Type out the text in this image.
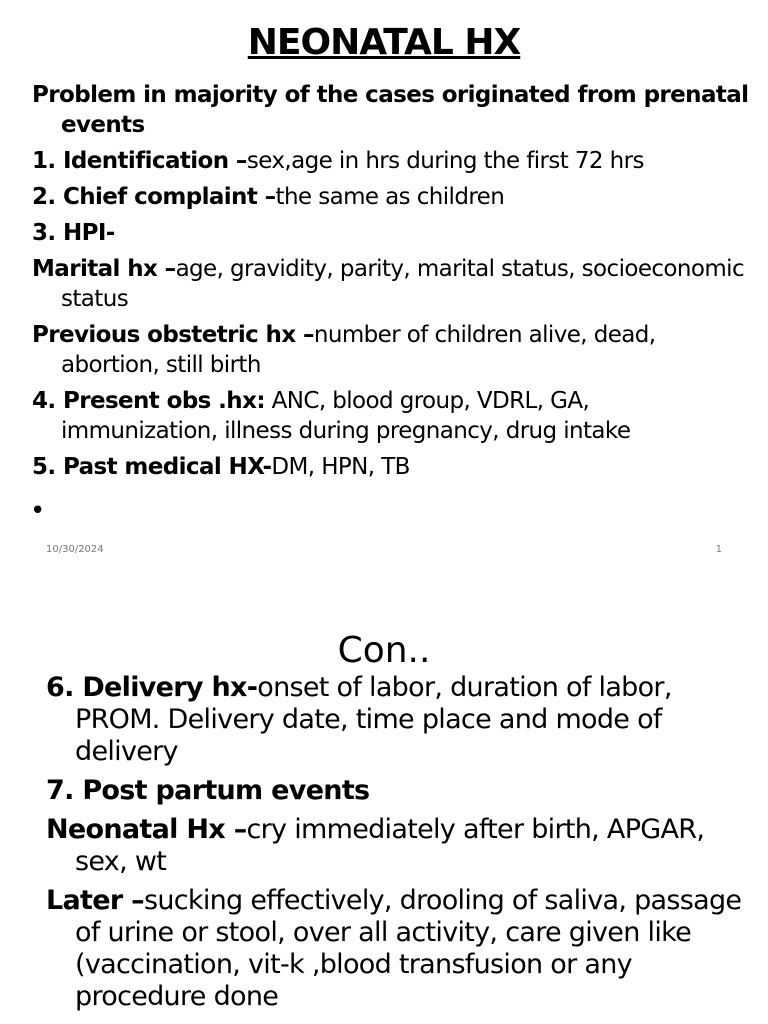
NEONATAL HX

Problem in majority of the cases originated from prenatal events

1. Identification –sex,age in hrs during the first 72 hrs

2. Chief complaint –the same as children

3. HPI-

Marital hx –age, gravidity, parity, marital status, socioeconomic status

Previous obstetric hx –number of children alive, dead, abortion, still birth

4. Present obs .hx: ANC, blood group, VDRL, GA, immunization, illness during pregnancy, drug intake

5. Past medical HX-DM, HPN, TB

•
10/30/2024	1
Con..

6. Delivery hx-onset of labor, duration of labor, PROM. Delivery date, time place and mode of delivery

7. Post partum events

Neonatal Hx –cry immediately after birth, APGAR, sex, wt

Later –sucking effectively, drooling of saliva, passage of urine or stool, over all activity, care given like (vaccination, vit-k ,blood transfusion or any procedure done
